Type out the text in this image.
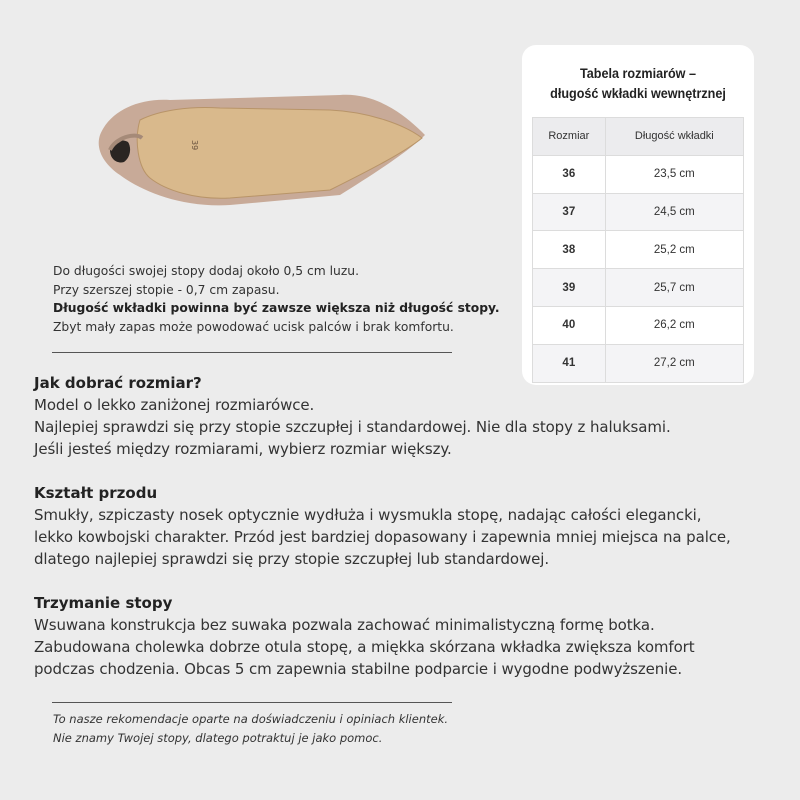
39
Tabela rozmiarów –
długość wkładki wewnętrznej
Rozmiar	Długość wkładki
36	23,5 cm
37	24,5 cm
38	25,2 cm
39	25,7 cm
40	26,2 cm
41	27,2 cm
Do długości swojej stopy dodaj około 0,5 cm luzu.
Przy szerszej stopie - 0,7 cm zapasu.
Długość wkładki powinna być zawsze większa niż długość stopy.
Zbyt mały zapas może powodować ucisk palców i brak komfortu.
Jak dobrać rozmiar?
Model o lekko zaniżonej rozmiarówce.
Najlepiej sprawdzi się przy stopie szczupłej i standardowej. Nie dla stopy z haluksami.
Jeśli jesteś między rozmiarami, wybierz rozmiar większy.
Kształt przodu
Smukły, szpiczasty nosek optycznie wydłuża i wysmukla stopę, nadając całości elegancki,
lekko kowbojski charakter. Przód jest bardziej dopasowany i zapewnia mniej miejsca na palce,
dlatego najlepiej sprawdzi się przy stopie szczupłej lub standardowej.
Trzymanie stopy
Wsuwana konstrukcja bez suwaka pozwala zachować minimalistyczną formę botka.
Zabudowana cholewka dobrze otula stopę, a miękka skórzana wkładka zwiększa komfort
podczas chodzenia. Obcas 5 cm zapewnia stabilne podparcie i wygodne podwyższenie.
To nasze rekomendacje oparte na doświadczeniu i opiniach klientek.
Nie znamy Twojej stopy, dlatego potraktuj je jako pomoc.
